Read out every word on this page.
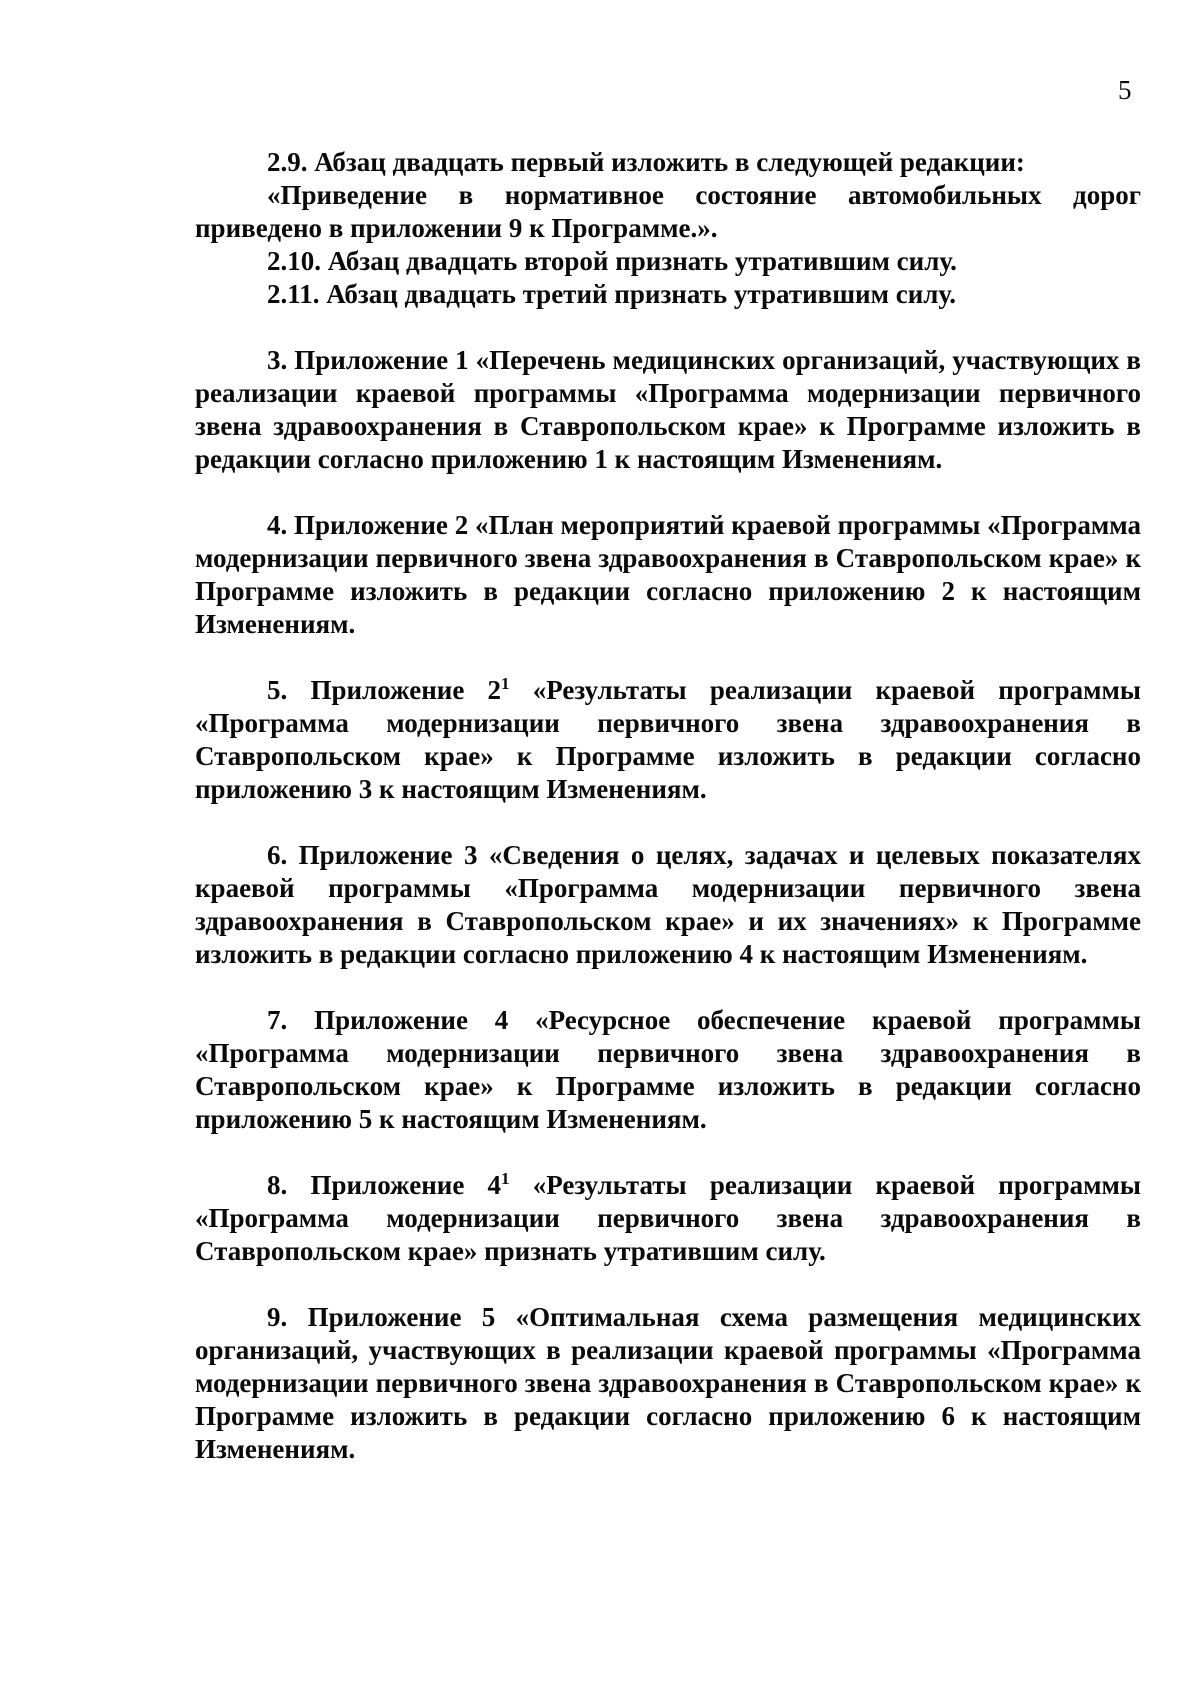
5

2.9. Абзац двадцать первый изложить в следующей редакции:

«Приведение в нормативное состояние автомобильных дорог приведено в приложении 9 к Программе.».

2.10. Абзац двадцать второй признать утратившим силу.

2.11. Абзац двадцать третий признать утратившим силу.

3. Приложение 1 «Перечень медицинских организаций, участвующих в реализации краевой программы «Программа модернизации первичного звена здравоохранения в Ставропольском крае» к Программе изложить в редакции согласно приложению 1 к настоящим Изменениям.

4. Приложение 2 «План мероприятий краевой программы «Программа модернизации первичного звена здравоохранения в Ставропольском крае» к Программе изложить в редакции согласно приложению 2 к настоящим Изменениям.

5. Приложение $2^1$ «Результаты реализации краевой программы «Программа модернизации первичного звена здравоохранения в Ставропольском крае» к Программе изложить в редакции согласно приложению 3 к настоящим Изменениям.

6. Приложение 3 «Сведения о целях, задачах и целевых показателях краевой программы «Программа модернизации первичного звена здравоохранения в Ставропольском крае» и их значениях» к Программе изложить в редакции согласно приложению 4 к настоящим Изменениям.

7. Приложение 4 «Ресурсное обеспечение краевой программы «Программа модернизации первичного звена здравоохранения в Ставропольском крае» к Программе изложить в редакции согласно приложению 5 к настоящим Изменениям.

8. Приложение $4^1$ «Результаты реализации краевой программы «Программа модернизации первичного звена здравоохранения в Ставропольском крае» признать утратившим силу.

9. Приложение 5 «Оптимальная схема размещения медицинских организаций, участвующих в реализации краевой программы «Программа модернизации первичного звена здравоохранения в Ставропольском крае» к Программе изложить в редакции согласно приложению 6 к настоящим Изменениям.
